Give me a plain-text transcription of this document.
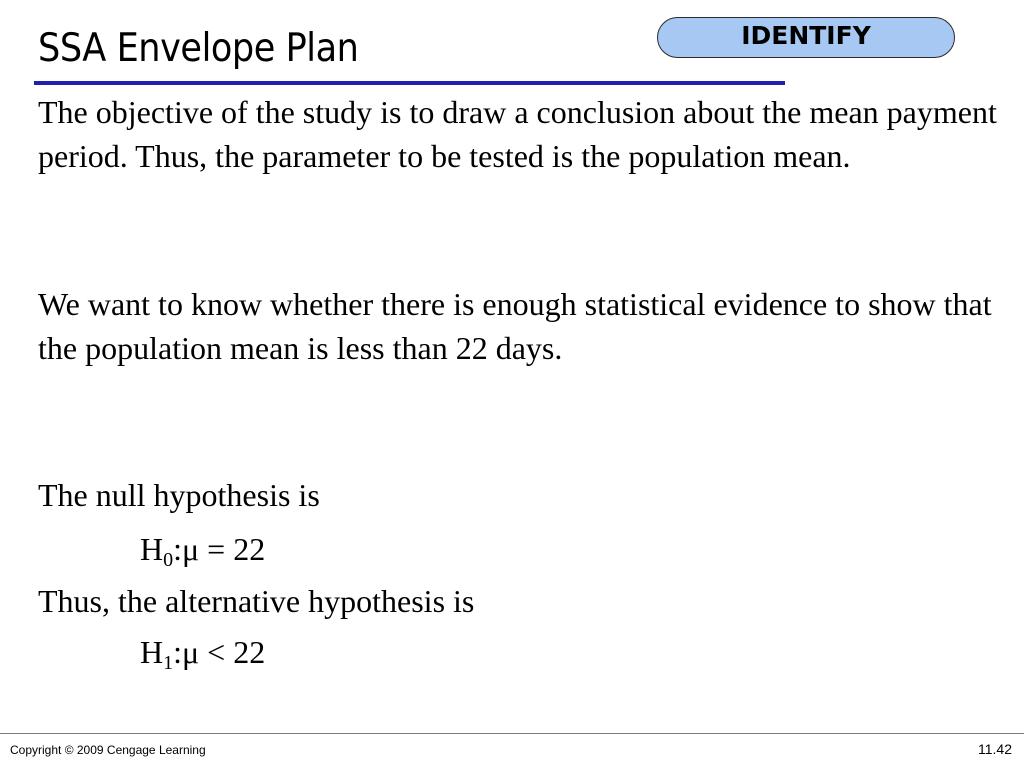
SSA Envelope Plan	IDENTIFY

The objective of the study is to draw a conclusion about the mean payment period. Thus, the parameter to be tested is the population mean.

We want to know whether there is enough statistical evidence to show that the population mean is less than 22 days.

The null hypothesis is

$H_0:\mu = 22$

Thus, the alternative hypothesis is

$H_1:\mu < 22$
Copyright © 2009 Cengage Learning	11.42
